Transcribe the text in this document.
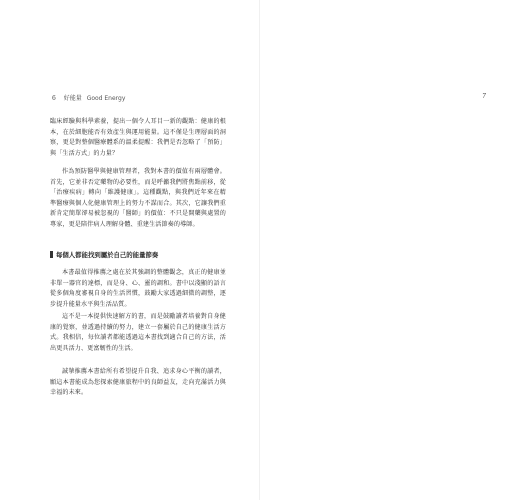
6 好能量 Good Energy

臨床經驗與科學素養，提出一個令人耳目一新的觀點：健康的根本，在於細胞能否有效產生與運用能量。這不僅是生理層面的洞察，更是對整個醫療體系的溫柔提醒：我們是否忽略了「預防」與「生活方式」的力量？

作為預防醫學與健康管理者，我對本書的價值有兩層體會。首先，它並非否定藥物的必要性，而是呼籲我們將焦點前移，從「治療疾病」轉向「維護健康」。這種觀點，與我們近年來在精準醫療與個人化健康管理上的努力不謀而合。其次，它讓我們重新肯定簡單卻易被忽視的「醫師」的價值：不只是開藥與處置的專家，更是陪伴病人理解身體、重建生活節奏的導師。

每個人都能找到屬於自己的能量節奏

本書最值得推薦之處在於其強調的整體觀念，真正的健康並非單一器官的達標，而是身、心、靈的調和。書中以淺顯的語言從多個角度審視自身的生活習慣，鼓勵大家透過細微的調整，逐步提升能量水平與生活品質。

這不是一本提供快速解方的書，而是鼓勵讀者培養對自身健康的覺察，並透過持續的努力，建立一套屬於自己的健康生活方式。我相信，每位讀者都能透過這本書找到適合自己的方法，活出更具活力、更富韌性的生活。

誠摯推薦本書給所有希望提升自我、追求身心平衡的讀者，願這本書能成為您探索健康旅程中的良師益友，走向充滿活力與幸福的未來。

7
